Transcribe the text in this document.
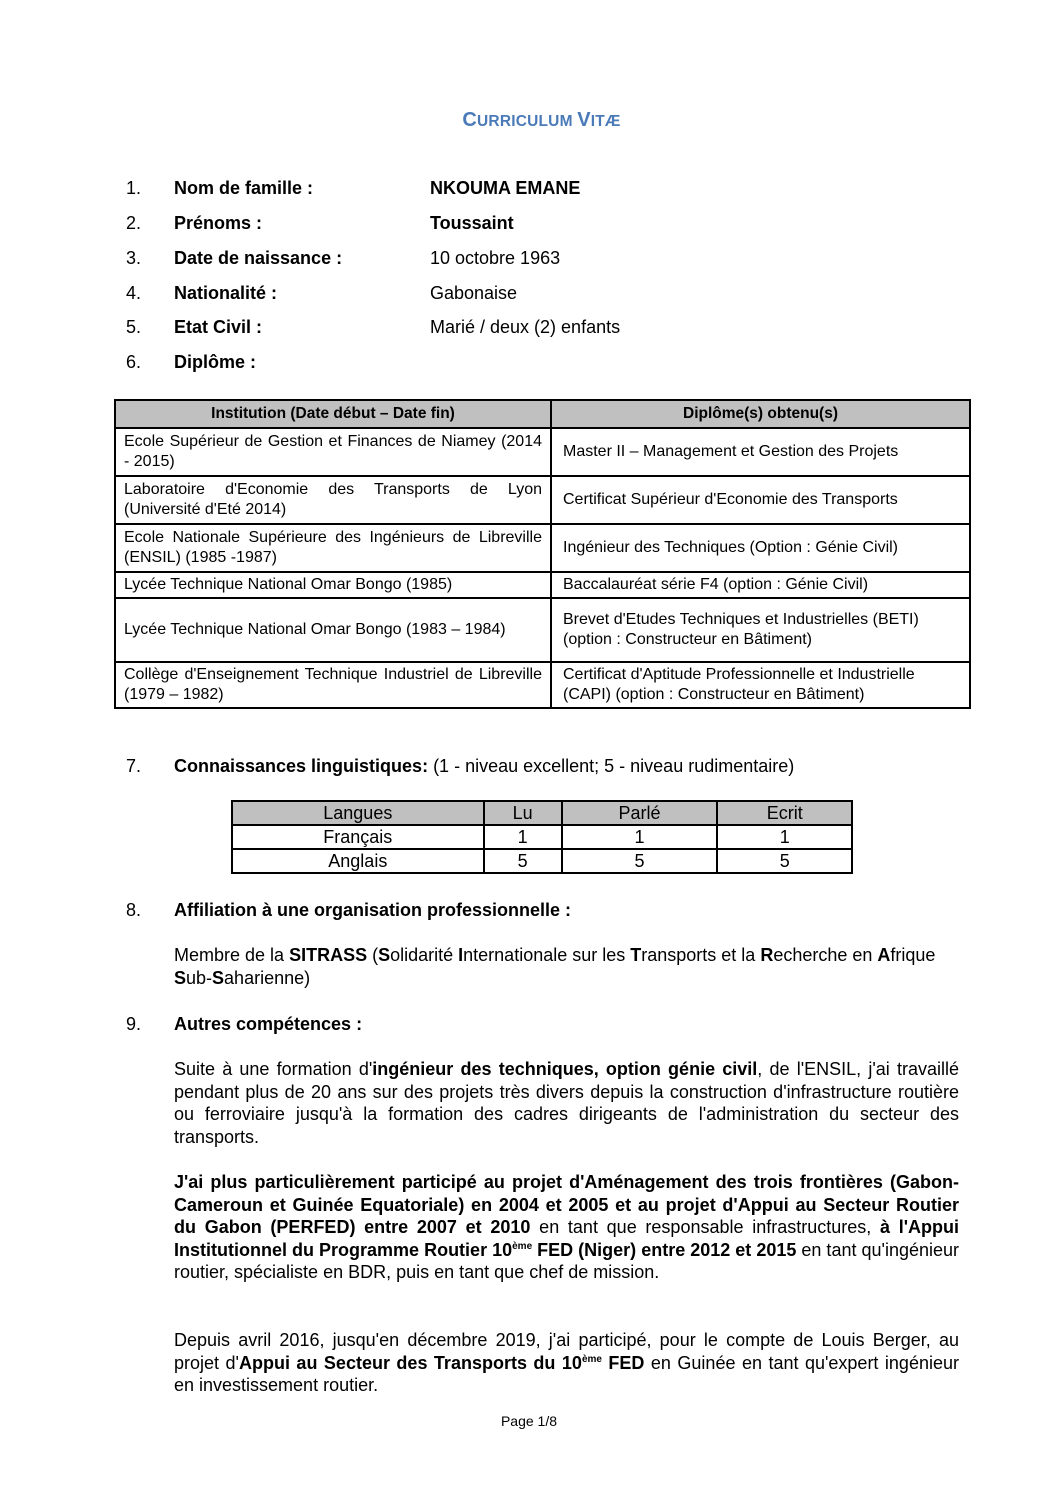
CURRICULUM VITÆ
1.	Nom de famille :	NKOUMA EMANE
2.	Prénoms :	Toussaint
3.	Date de naissance :	10 octobre 1963
4.	Nationalité :	Gabonaise
5.	Etat Civil :	Marié / deux (2) enfants
6.	Diplôme :
Institution (Date début – Date fin)	Diplôme(s) obtenu(s)
Ecole Supérieur de Gestion et Finances de Niamey (2014 - 2015)	Master II – Management et Gestion des Projets

Laboratoire d'Economie des Transports de Lyon (Université d'Eté 2014)	Certificat Supérieur d'Economie des Transports

Ecole Nationale Supérieure des Ingénieurs de Libreville (ENSIL) (1985 -1987)	Ingénieur des Techniques (Option : Génie Civil)

Lycée Technique National Omar Bongo (1985)	Baccalauréat série F4 (option : Génie Civil)

Lycée Technique National Omar Bongo (1983 – 1984)	Brevet d'Etudes Techniques et Industrielles (BETI)
(option : Constructeur en Bâtiment)

Collège d'Enseignement Technique Industriel de Libreville (1979 – 1982)	Certificat d'Aptitude Professionnelle et Industrielle (CAPI) (option : Constructeur en Bâtiment)
7. Connaissances linguistiques: (1 - niveau excellent; 5 - niveau rudimentaire)
Langues	Lu	Parlé	Ecrit
Français	1	1	1
Anglais	5	5	5
8. Affiliation à une organisation professionnelle :
Membre de la SITRASS (Solidarité Internationale sur les Transports et la Recherche en Afrique Sub-Saharienne)
9. Autres compétences :
Suite à une formation d'ingénieur des techniques, option génie civil, de l'ENSIL, j'ai travaillé pendant plus de 20 ans sur des projets très divers depuis la construction d'infrastructure routière ou ferroviaire jusqu'à la formation des cadres dirigeants de l'administration du secteur des transports.
J'ai plus particulièrement participé au projet d'Aménagement des trois frontières (Gabon-Cameroun et Guinée Equatoriale) en 2004 et 2005 et au projet d'Appui au Secteur Routier du Gabon (PERFED) entre 2007 et 2010 en tant que responsable infrastructures, à l'Appui Institutionnel du Programme Routier 10ème FED (Niger) entre 2012 et 2015 en tant qu'ingénieur routier, spécialiste en BDR, puis en tant que chef de mission.
Depuis avril 2016, jusqu'en décembre 2019, j'ai participé, pour le compte de Louis Berger, au projet d'Appui au Secteur des Transports du 10ème FED en Guinée en tant qu'expert ingénieur en investissement routier.
Page 1/8
